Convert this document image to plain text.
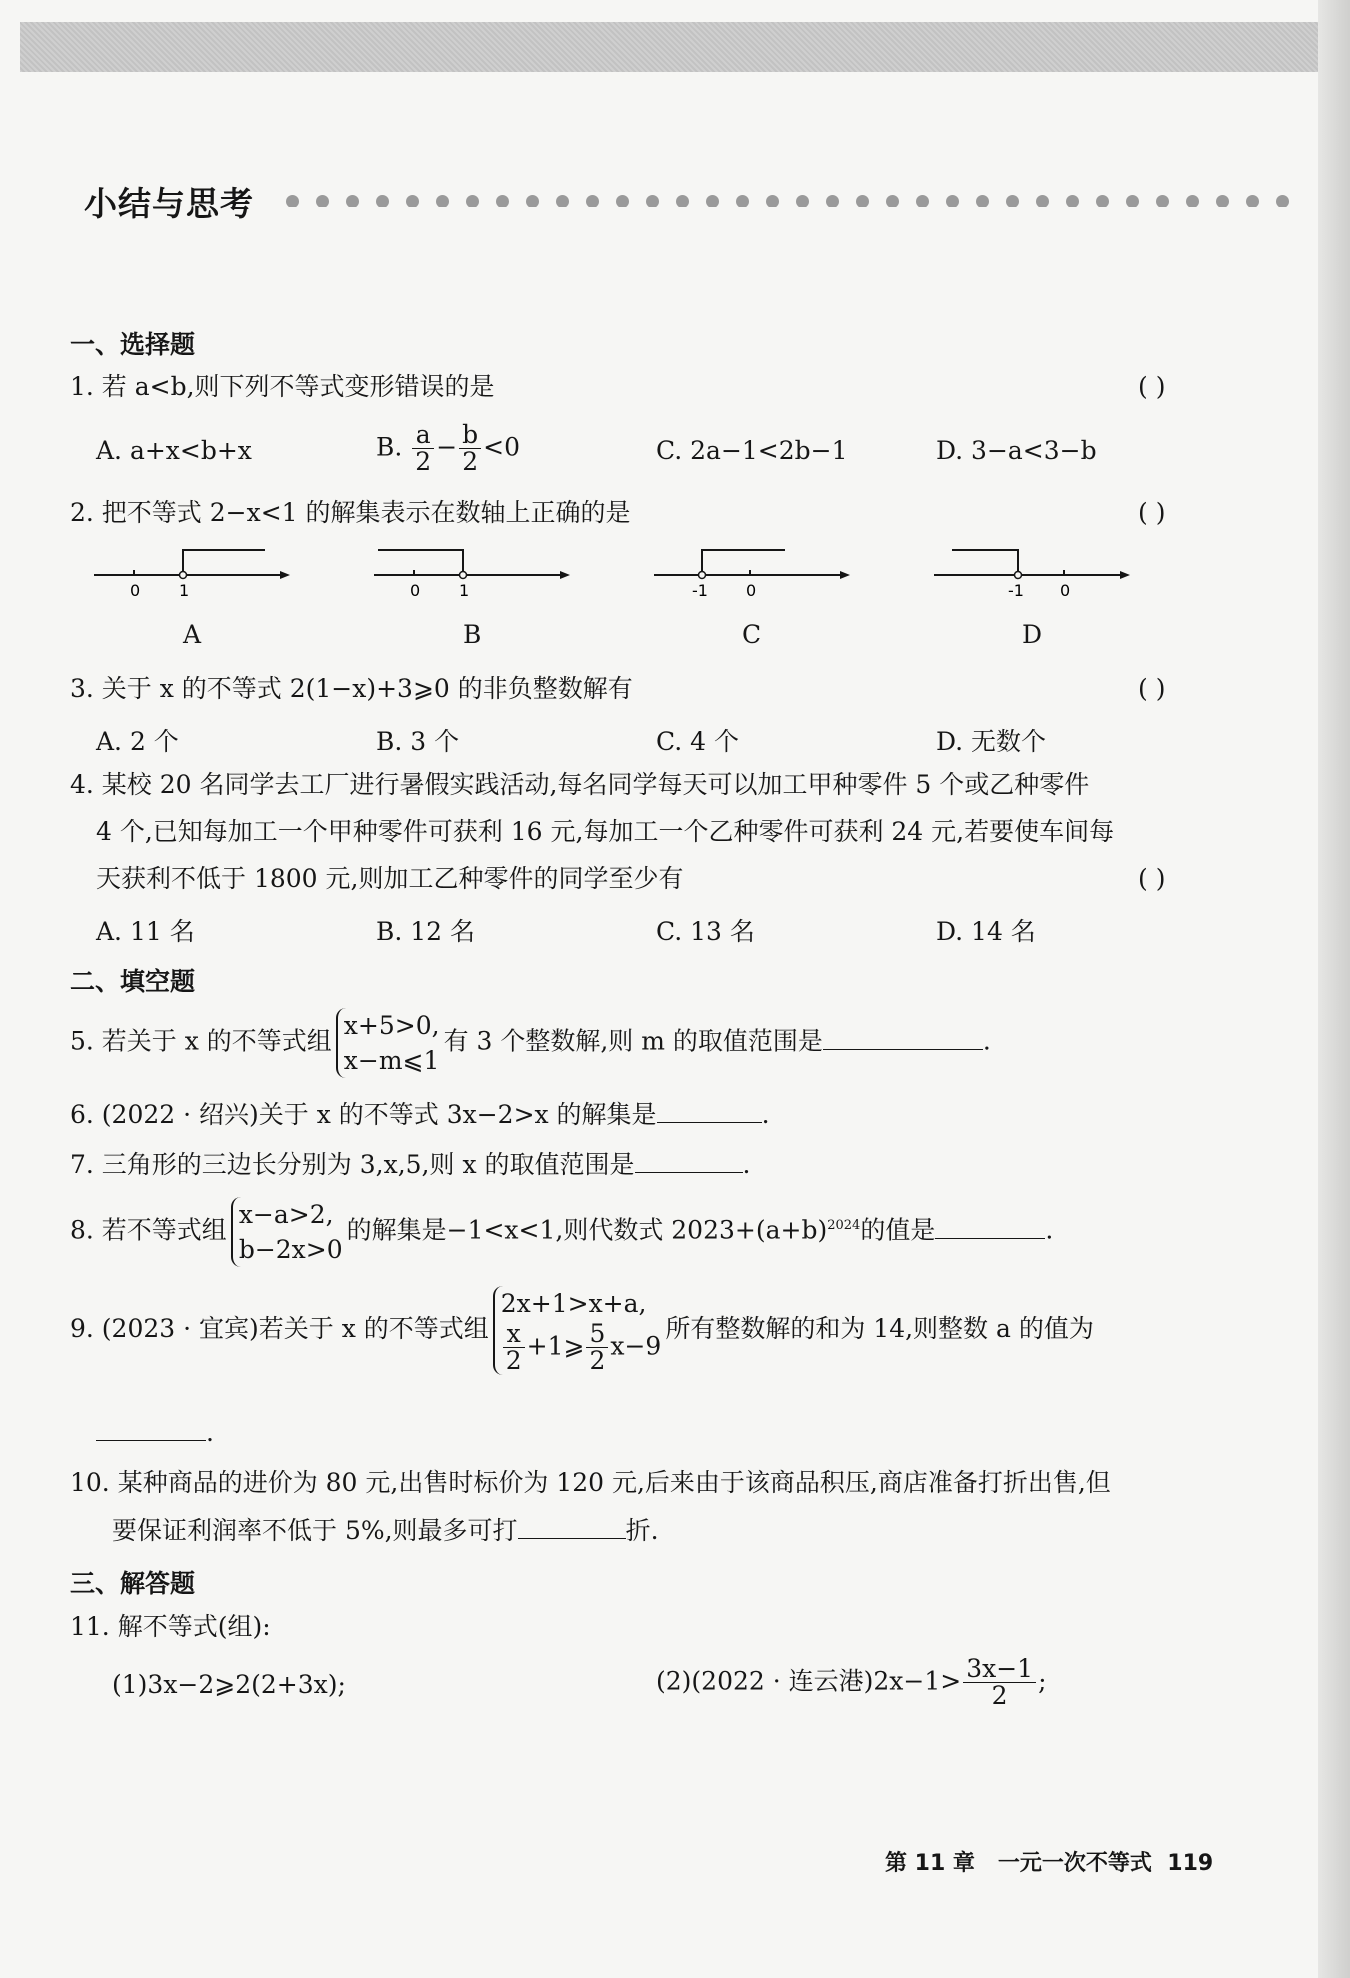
小结与思考
一、选择题
1. 若 a<b,则下列不等式变形错误的是	( )
A. a+x<b+x	B. $\frac{a}{2} - \frac{b}{2} <0$	C. 2a−1<2b−1	D. 3−a<3−b
2. 把不等式 2−x<1 的解集表示在数轴上正确的是	( )
0 1
A
0 1
B
-1 0
C
-1 0
D
3. 关于 x 的不等式 2(1−x)+3⩾0 的非负整数解有	( )
A. 2 个	B. 3 个	C. 4 个	D. 无数个
4. 某校 20 名同学去工厂进行暑假实践活动,每名同学每天可以加工甲种零件 5 个或乙种零件
4 个,已知每加工一个甲种零件可获利 16 元,每加工一个乙种零件可获利 24 元,若要使车间每
天获利不低于 1800 元,则加工乙种零件的同学至少有	( )
A. 11 名	B. 12 名	C. 13 名	D. 14 名
二、填空题
5. 若关于 x 的不等式组
x+5>0,
x−m⩽1
有 3 个整数解,则 m 的取值范围是	.
6. (2022 · 绍兴)关于 x 的不等式 3x−2>x 的解集是	.
7. 三角形的三边长分别为 3,x,5,则 x 的取值范围是	.
8. 若不等式组
x−a>2,
b−2x>0
的解集是−1<x<1,则代数式 $2023+(a+b)^{2024}$的值是	.
9. (2023 · 宜宾)若关于 x 的不等式组
2x+1>x+a,
$\frac{x}{2}$ +1⩾ $\frac{5}{2} x-9$
所有整数解的和为 14,则整数 a 的值为
.
10. 某种商品的进价为 80 元,出售时标价为 120 元,后来由于该商品积压,商店准备打折出售,但
要保证利润率不低于 5%,则最多可打	折.
三、解答题
11. 解不等式(组):
(1)3x−2⩾2(2+3x);	(2)(2022 · 连云港)$2x-1> \frac{3x-1}{2}$ ;
第 11 章 一元一次不等式 119
